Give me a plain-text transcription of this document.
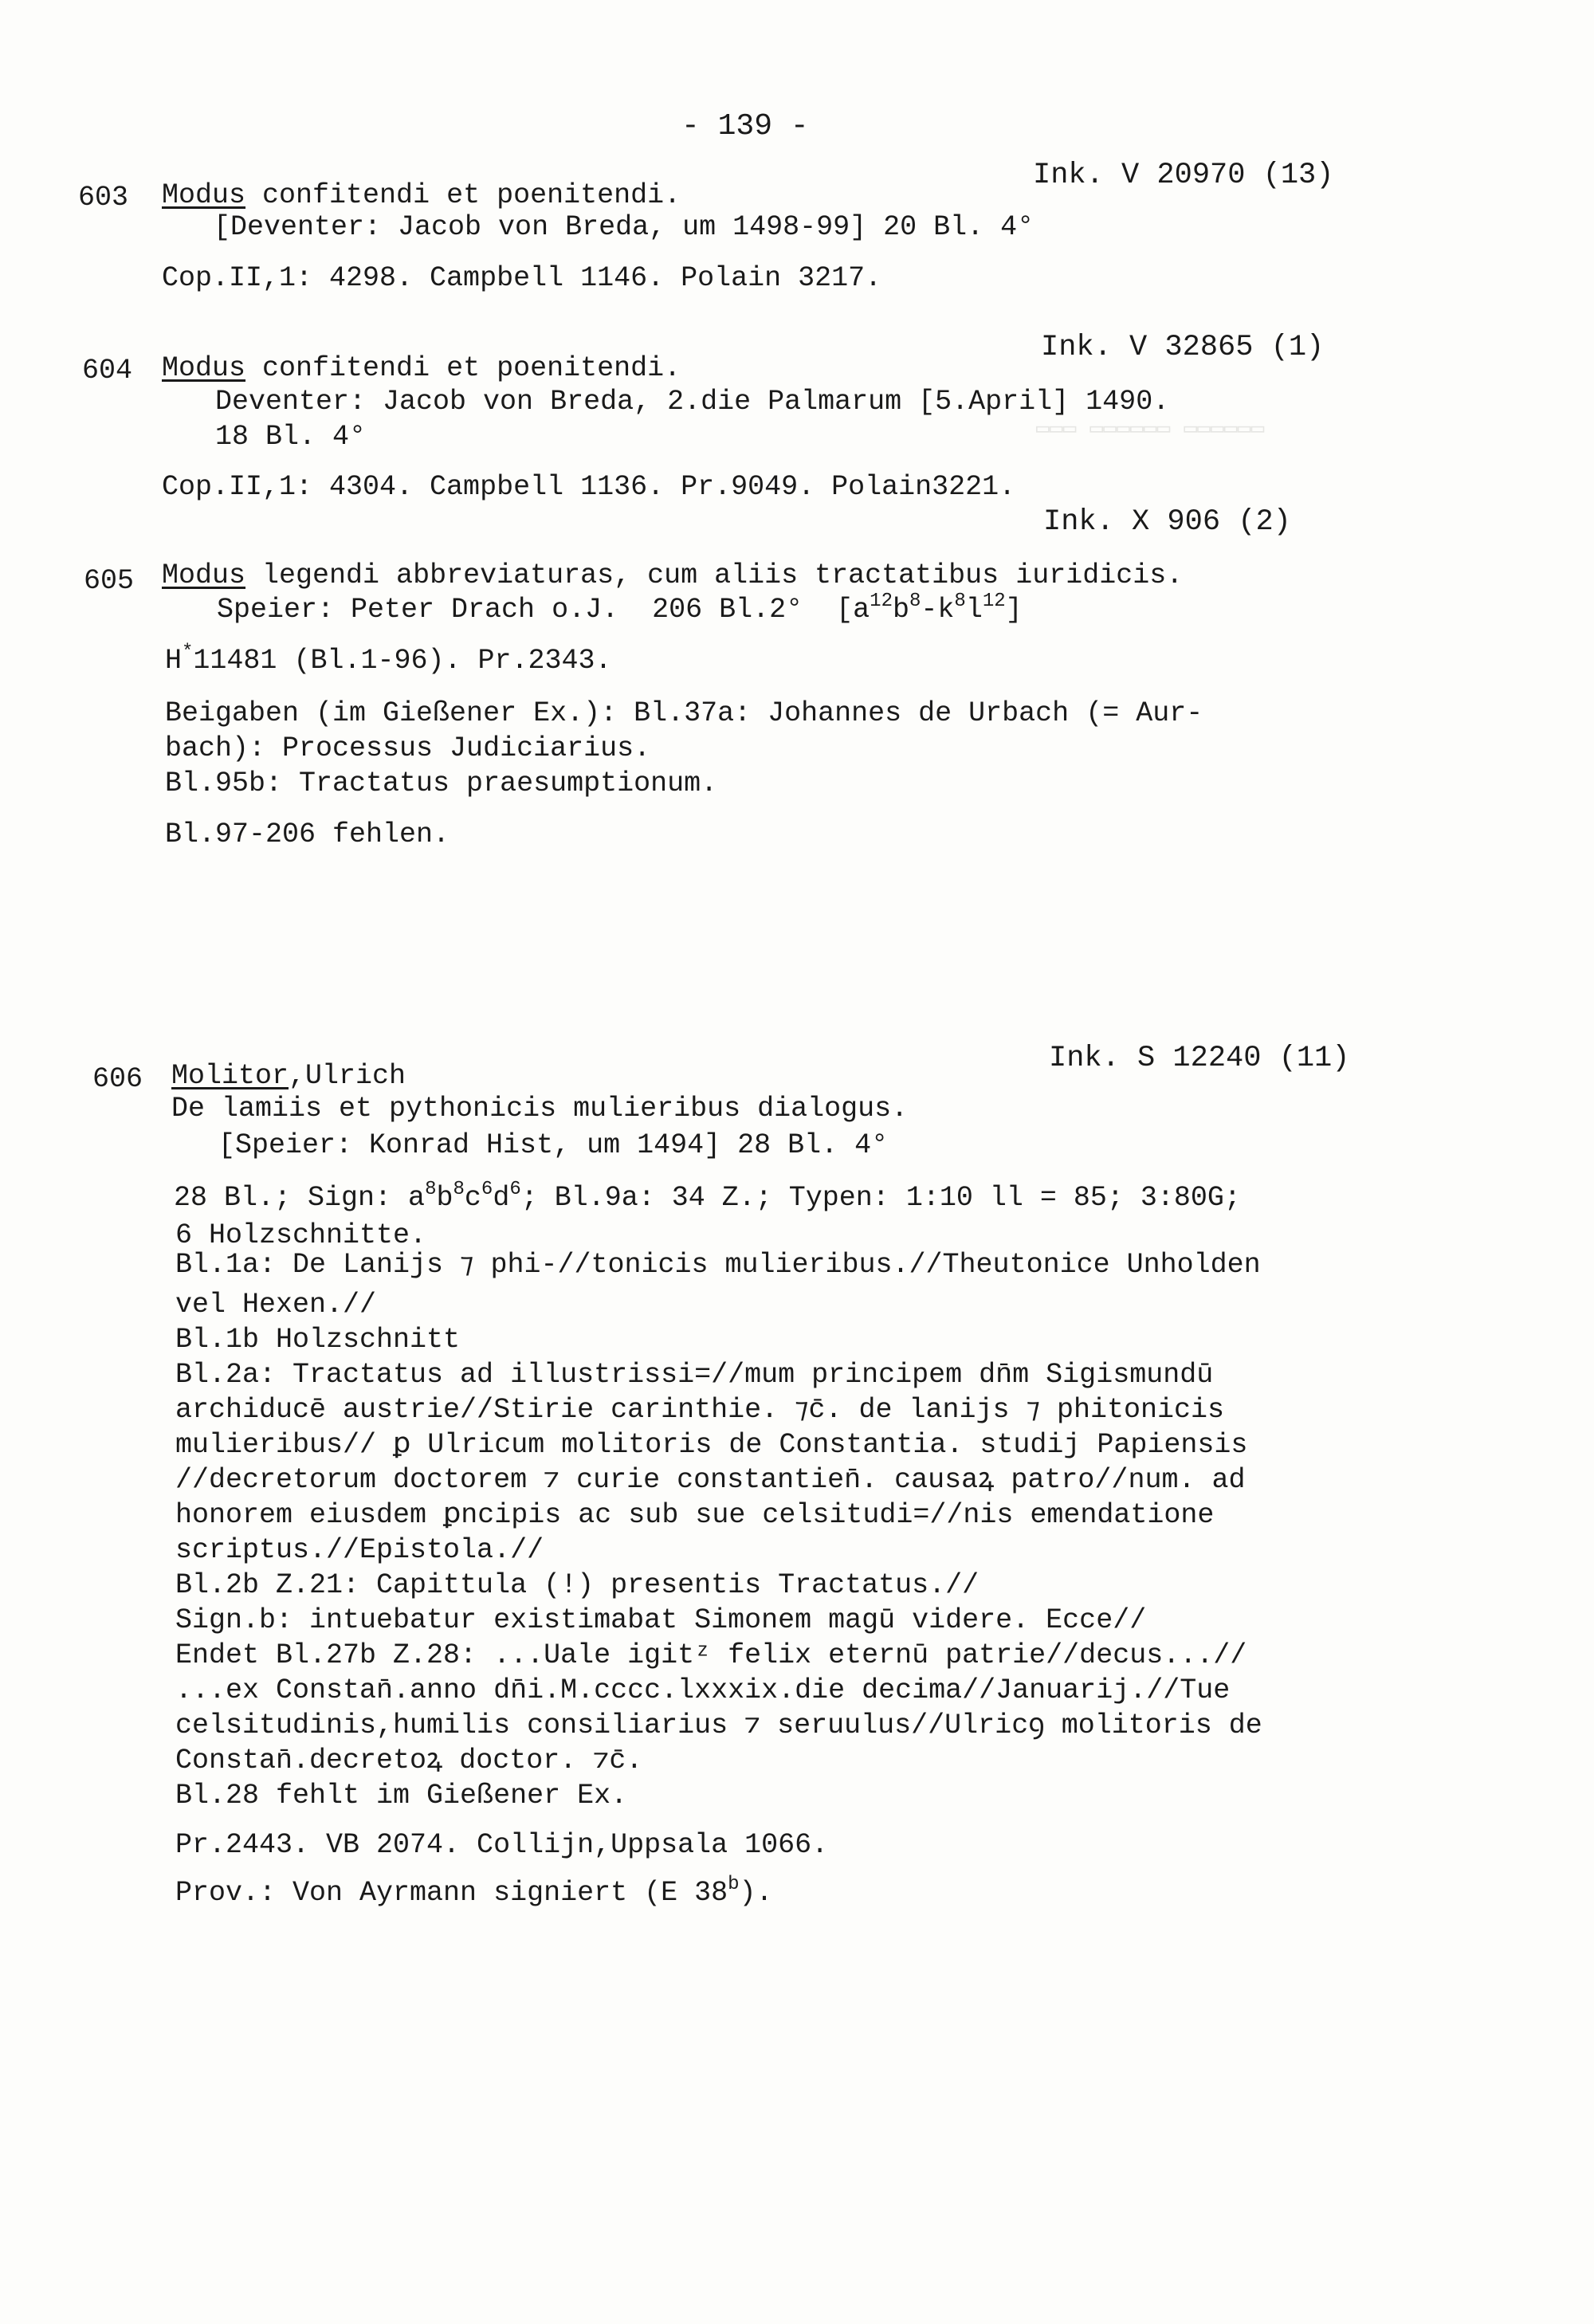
▭▭▭ ▭▭▭▭▭▭ ▭▭▭▭▭▭
- 139 -
603 Modus confitendi et poenitendi.
Ink. V 20970 (13)
[Deventer: Jacob von Breda, um 1498-99] 20 Bl. 4°
Cop.II,1: 4298. Campbell 1146. Polain 3217.
604 Modus confitendi et poenitendi.
Ink. V 32865 (1)
Deventer: Jacob von Breda, 2.die Palmarum [5.April] 1490.
18 Bl. 4°
Cop.II,1: 4304. Campbell 1136. Pr.9049. Polain3221.
Ink. X 906 (2)
605 Modus legendi abbreviaturas, cum aliis tractatibus iuridicis.
Speier: Peter Drach o.J. 206 Bl.2° $[a^{12}b^8-k^8l^{12}]$
H*11481 (Bl.1-96). Pr.2343.
Beigaben (im Gießener Ex.): Bl.37a: Johannes de Urbach (= Aur-
bach): Processus Judiciarius.
Bl.95b: Tractatus praesumptionum.
Bl.97-206 fehlen.
606 Molitor,Ulrich
Ink. S 12240 (11)
De lamiis et pythonicis mulieribus dialogus.
[Speier: Konrad Hist, um 1494] 28 Bl. 4°
28 Bl.; Sign: $a^8b^8c^6d^6$; Bl.9a: 34 Z.; Typen: 1:10 ll = 85; 3:80G;
6 Holzschnitte.
Bl.1a: De Lanijs ⁊ phi-//tonicis mulieribus.//Theutonice Unholden
vel Hexen.//
Bl.1b Holzschnitt
Bl.2a: Tractatus ad illustrissi=//mum principem dn̄m Sigismundū
archiducē austrie//Stirie carinthie. ⁊c̄. de lanijs ⁊ phitonicis
mulieribus// ꝑ Ulricum molitoris de Constantia. studij Papiensis
//decretorum doctorem ⁊ curie constantien̄. causaꝝ patro//num. ad
honorem eiusdem ꝑncipis ac sub sue celsitudi=//nis emendatione
scriptus.//Epistola.//
Bl.2b Z.21: Capittula (!) presentis Tractatus.//
Sign.b: intuebatur existimabat Simonem magū videre. Ecce//
Endet Bl.27b Z.28: ...Uale igitᶻ felix eternū patrie//decus...//
...ex Constan̄.anno dn̄i.M.cccc.lxxxix.die decima//Januarij.//Tue
celsitudinis,humilis consiliarius ⁊ seruulus//Ulricꝯ molitoris de
Constan̄.decretoꝝ doctor. ⁊c̄.
Bl.28 fehlt im Gießener Ex.
Pr.2443. VB 2074. Collijn,Uppsala 1066.
Prov.: Von Ayrmann signiert (E 38$^b$).
